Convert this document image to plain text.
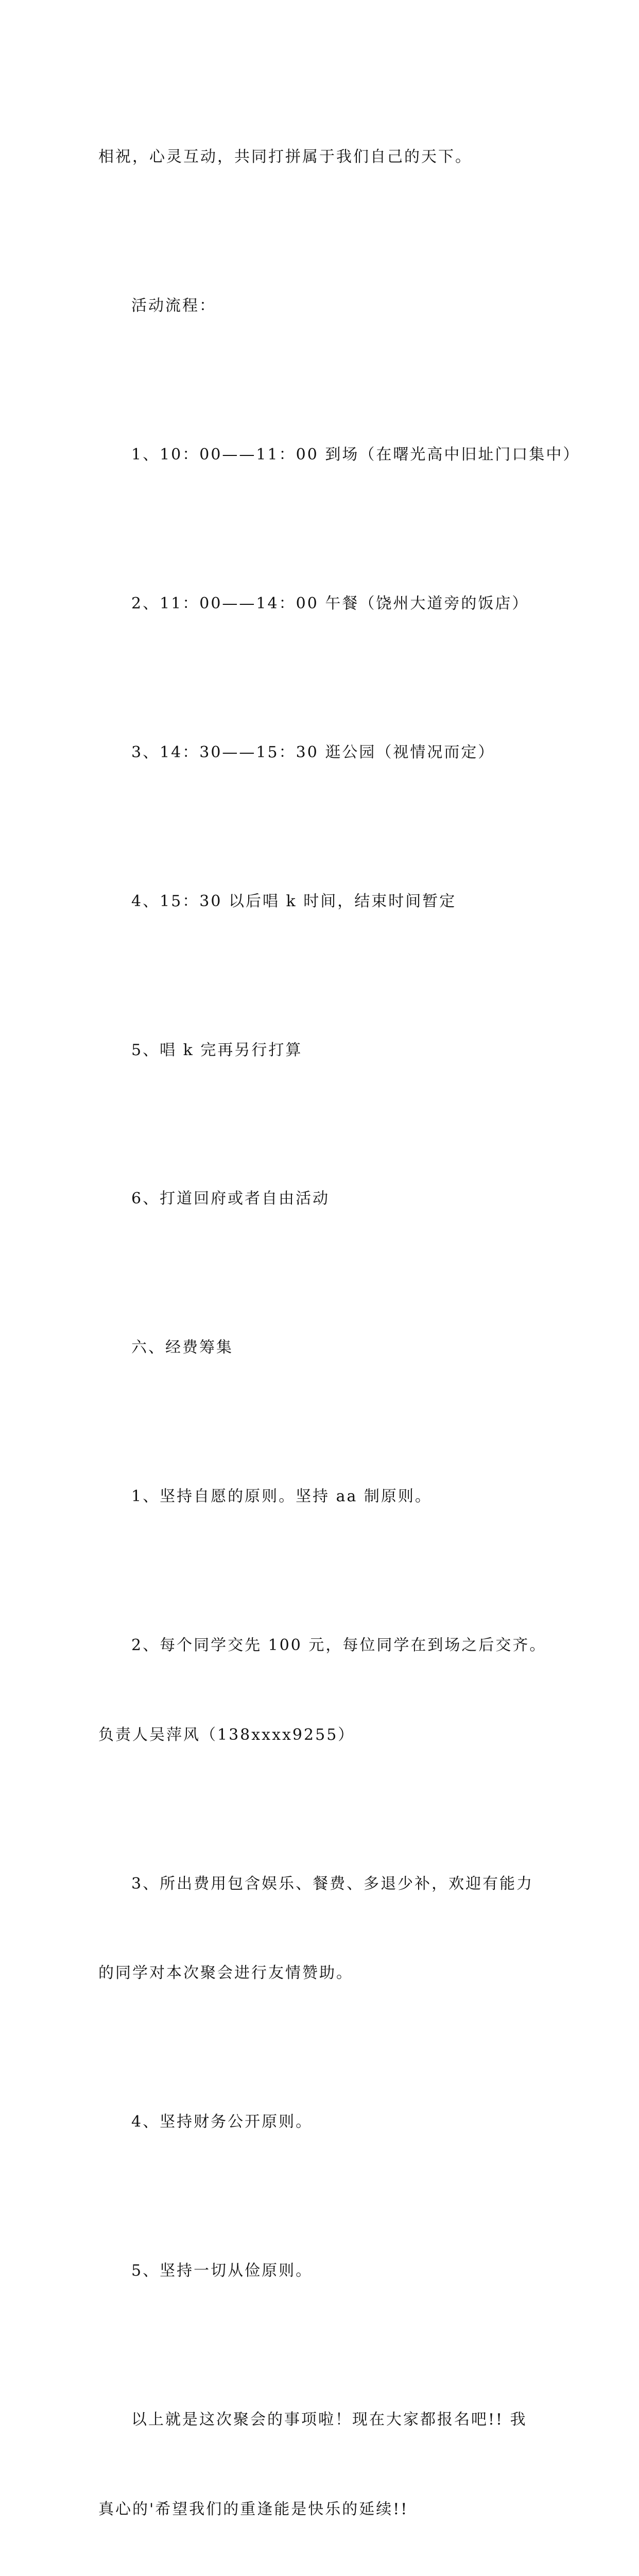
相祝，心灵互动，共同打拼属于我们自己的天下。

活动流程：

1、10：00——11：00 到场（在曙光高中旧址门口集中）

2、11：00——14：00 午餐（饶州大道旁的饭店）

3、14：30——15：30 逛公园（视情况而定）

4、15：30 以后唱 k 时间，结束时间暂定

5、唱 k 完再另行打算

6、打道回府或者自由活动

六、经费筹集

1、坚持自愿的原则。坚持 aa 制原则。

2、每个同学交先 100 元，每位同学在到场之后交齐。

负责人吴萍风（138xxxx9255）

3、所出费用包含娱乐、餐费、多退少补，欢迎有能力

的同学对本次聚会进行友情赞助。

4、坚持财务公开原则。

5、坚持一切从俭原则。

以上就是这次聚会的事项啦！现在大家都报名吧!! 我

真心的'希望我们的重逢能是快乐的延续!!
